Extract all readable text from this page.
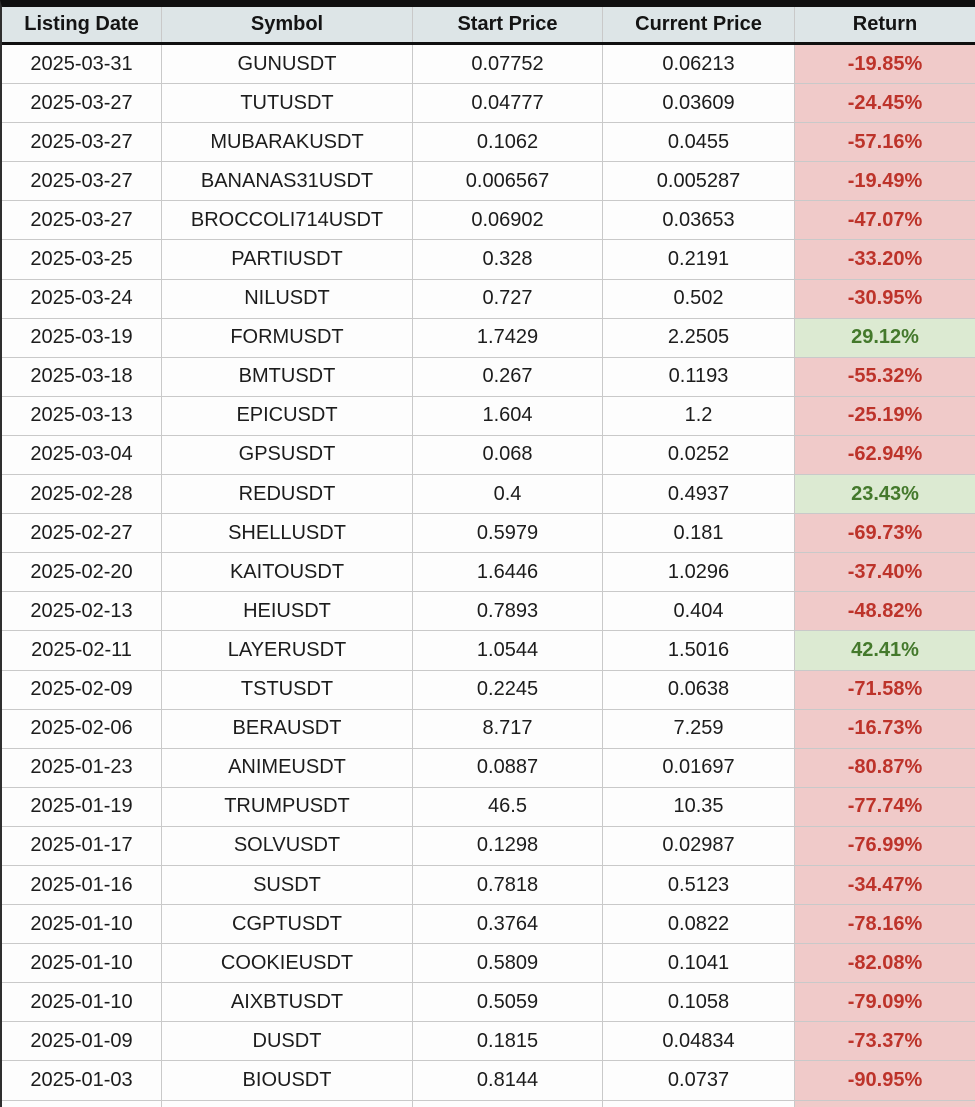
Listing Date	Symbol	Start Price	Current Price	Return
2025-03-31	GUNUSDT	0.07752	0.06213	-19.85%
2025-03-27	TUTUSDT	0.04777	0.03609	-24.45%
2025-03-27	MUBARAKUSDT	0.1062	0.0455	-57.16%
2025-03-27	BANANAS31USDT	0.006567	0.005287	-19.49%
2025-03-27	BROCCOLI714USDT	0.06902	0.03653	-47.07%
2025-03-25	PARTIUSDT	0.328	0.2191	-33.20%
2025-03-24	NILUSDT	0.727	0.502	-30.95%
2025-03-19	FORMUSDT	1.7429	2.2505	29.12%
2025-03-18	BMTUSDT	0.267	0.1193	-55.32%
2025-03-13	EPICUSDT	1.604	1.2	-25.19%
2025-03-04	GPSUSDT	0.068	0.0252	-62.94%
2025-02-28	REDUSDT	0.4	0.4937	23.43%
2025-02-27	SHELLUSDT	0.5979	0.181	-69.73%
2025-02-20	KAITOUSDT	1.6446	1.0296	-37.40%
2025-02-13	HEIUSDT	0.7893	0.404	-48.82%
2025-02-11	LAYERUSDT	1.0544	1.5016	42.41%
2025-02-09	TSTUSDT	0.2245	0.0638	-71.58%
2025-02-06	BERAUSDT	8.717	7.259	-16.73%
2025-01-23	ANIMEUSDT	0.0887	0.01697	-80.87%
2025-01-19	TRUMPUSDT	46.5	10.35	-77.74%
2025-01-17	SOLVUSDT	0.1298	0.02987	-76.99%
2025-01-16	SUSDT	0.7818	0.5123	-34.47%
2025-01-10	CGPTUSDT	0.3764	0.0822	-78.16%
2025-01-10	COOKIEUSDT	0.5809	0.1041	-82.08%
2025-01-10	AIXBTUSDT	0.5059	0.1058	-79.09%
2025-01-09	DUSDT	0.1815	0.04834	-73.37%
2025-01-03	BIOUSDT	0.8144	0.0737	-90.95%
